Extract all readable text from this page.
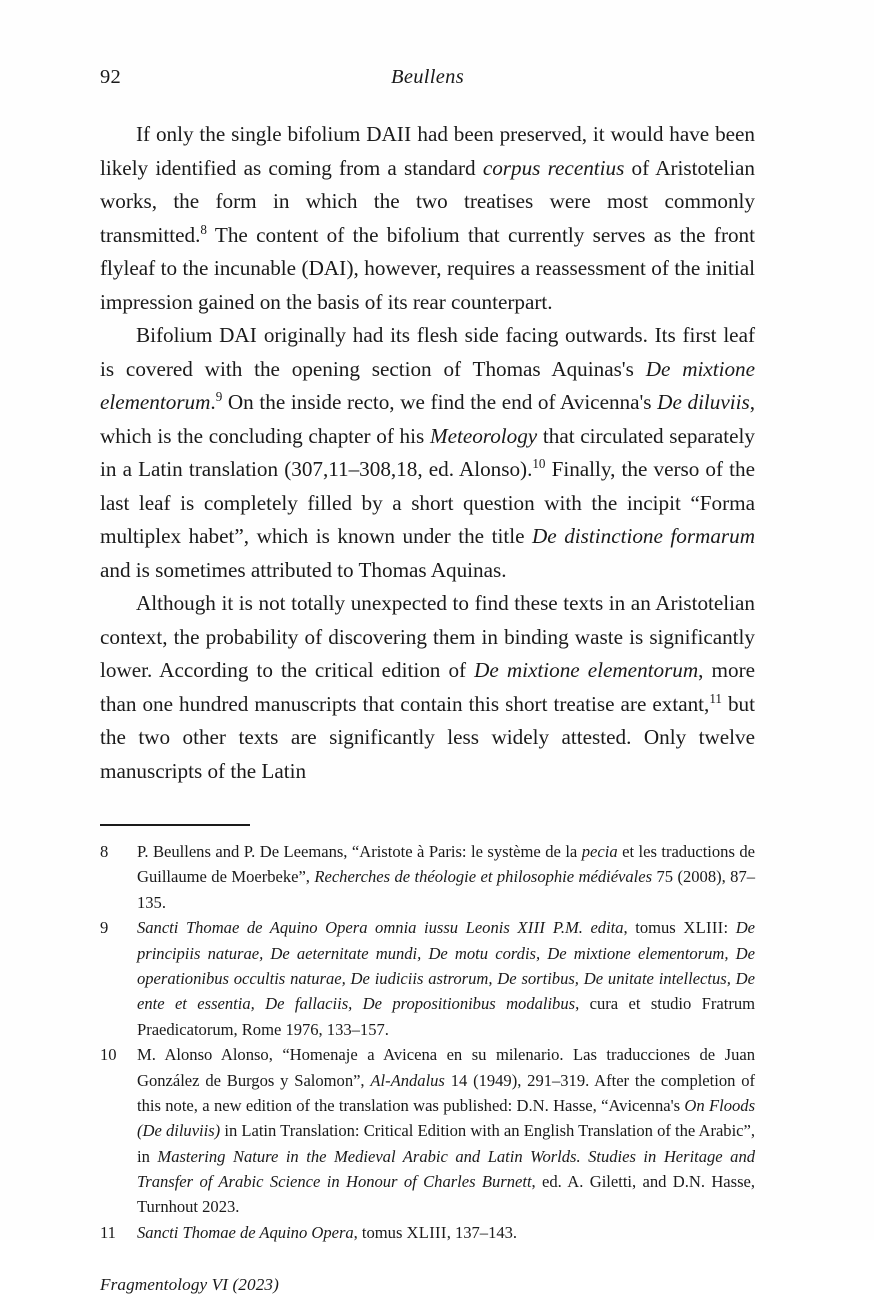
92	Beullens

If only the single bifolium DAII had been preserved, it would have been likely identified as coming from a standard corpus recentius of Aristotelian works, the form in which the two treatises were most commonly transmitted.$^8$ The content of the bifolium that currently serves as the front flyleaf to the incunable (DAI), however, requires a reassessment of the initial impression gained on the basis of its rear counterpart.

Bifolium DAI originally had its flesh side facing outwards. Its first leaf is covered with the opening section of Thomas Aquinas's De mixtione elementorum.$^9$ On the inside recto, we find the end of Avicenna's De diluviis, which is the concluding chapter of his Meteorology that circulated separately in a Latin translation (307,11–308,18, ed. Alonso).$^{10}$ Finally, the verso of the last leaf is completely filled by a short question with the incipit “Forma multiplex habet”, which is known under the title De distinctione formarum and is sometimes attributed to Thomas Aquinas.

Although it is not totally unexpected to find these texts in an Aristotelian context, the probability of discovering them in binding waste is significantly lower. According to the critical edition of De mixtione elementorum, more than one hundred manuscripts that contain this short treatise are extant,$^{11}$ but the two other texts are significantly less widely attested. Only twelve manuscripts of the Latin

8	P. Beullens and P. De Leemans, “Aristote à Paris: le système de la pecia et les traductions de Guillaume de Moerbeke”, Recherches de théologie et philosophie médiévales 75 (2008), 87–135.
9	Sancti Thomae de Aquino Opera omnia iussu Leonis XIII P.M. edita, tomus XLIII: De principiis naturae, De aeternitate mundi, De motu cordis, De mixtione elementorum, De operationibus occultis naturae, De iudiciis astrorum, De sortibus, De unitate intellectus, De ente et essentia, De fallaciis, De propositionibus modalibus, cura et studio Fratrum Praedicatorum, Rome 1976, 133–157.
10	M. Alonso Alonso, “Homenaje a Avicena en su milenario. Las traducciones de Juan González de Burgos y Salomon”, Al-Andalus 14 (1949), 291–319. After the completion of this note, a new edition of the translation was published: D.N. Hasse, “Avicenna's On Floods (De diluviis) in Latin Translation: Critical Edition with an English Translation of the Arabic”, in Mastering Nature in the Medieval Arabic and Latin Worlds. Studies in Heritage and Transfer of Arabic Science in Honour of Charles Burnett, ed. A. Giletti, and D.N. Hasse, Turnhout 2023.
11	Sancti Thomae de Aquino Opera, tomus XLIII, 137–143.
Fragmentology VI (2023)
